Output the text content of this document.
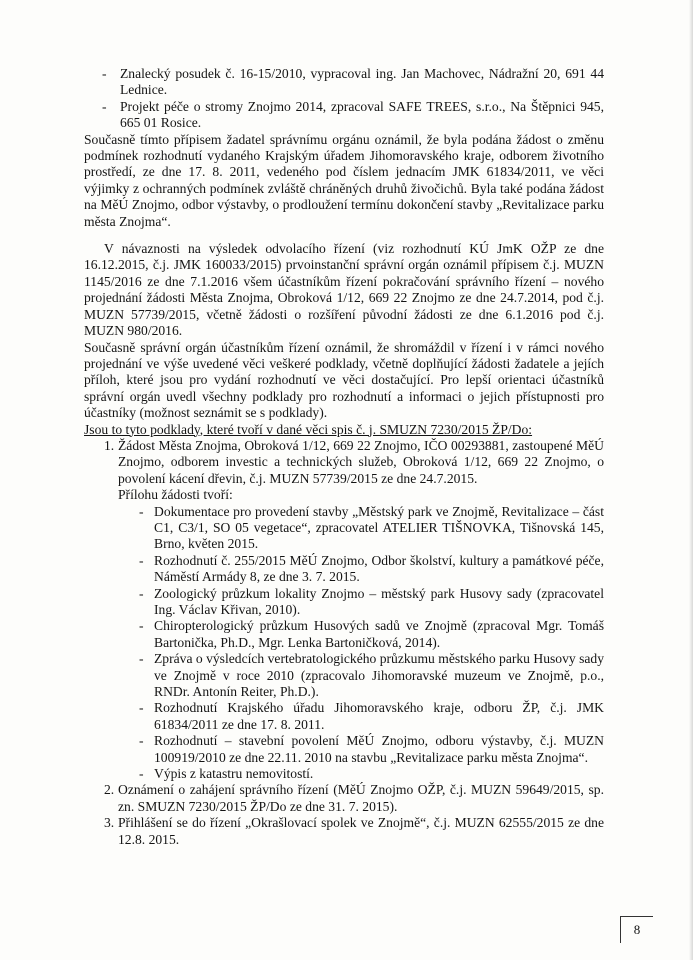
- Znalecký posudek č. 16-15/2010, vypracoval ing. Jan Machovec, Nádražní 20, 691 44 Lednice.

- Projekt péče o stromy Znojmo 2014, zpracoval SAFE TREES, s.r.o., Na Štěpnici 945, 665 01 Rosice.

Současně tímto přípisem žadatel správnímu orgánu oznámil, že byla podána žádost o změnu podmínek rozhodnutí vydaného Krajským úřadem Jihomoravského kraje, odborem životního prostředí, ze dne 17. 8. 2011, vedeného pod číslem jednacím JMK 61834/2011, ve věci výjimky z ochranných podmínek zvláště chráněných druhů živočichů. Byla také podána žádost na MěÚ Znojmo, odbor výstavby, o prodloužení termínu dokončení stavby „Revitalizace parku města Znojma“.

V návaznosti na výsledek odvolacího řízení (viz rozhodnutí KÚ JmK OŽP ze dne 16.12.2015, č.j. JMK 160033/2015) prvoinstanční správní orgán oznámil přípisem č.j. MUZN 1145/2016 ze dne 7.1.2016 všem účastníkům řízení pokračování správního řízení – nového projednání žádosti Města Znojma, Obroková 1/12, 669 22 Znojmo ze dne 24.7.2014, pod č.j. MUZN 57739/2015, včetně žádosti o rozšíření původní žádosti ze dne 6.1.2016 pod č.j. MUZN 980/2016.

Současně správní orgán účastníkům řízení oznámil, že shromáždil v řízení i v rámci nového projednání ve výše uvedené věci veškeré podklady, včetně doplňující žádosti žadatele a jejích příloh, které jsou pro vydání rozhodnutí ve věci dostačující. Pro lepší orientaci účastníků správní orgán uvedl všechny podklady pro rozhodnutí a informaci o jejich přístupnosti pro účastníky (možnost seznámit se s podklady).

Jsou to tyto podklady, které tvoří v dané věci spis č. j. SMUZN 7230/2015 ŽP/Do:

1. Žádost Města Znojma, Obroková 1/12, 669 22 Znojmo, IČO 00293881, zastoupené MěÚ Znojmo, odborem investic a technických služeb, Obroková 1/12, 669 22 Znojmo, o povolení kácení dřevin, č.j. MUZN 57739/2015 ze dne 24.7.2015.

Přílohu žádosti tvoří:

- Dokumentace pro provedení stavby „Městský park ve Znojmě, Revitalizace – část C1, C3/1, SO 05 vegetace“, zpracovatel ATELIER TIŠNOVKA, Tišnovská 145, Brno, květen 2015.

- Rozhodnutí č. 255/2015 MěÚ Znojmo, Odbor školství, kultury a památkové péče, Náměstí Armády 8, ze dne 3. 7. 2015.

- Zoologický průzkum lokality Znojmo – městský park Husovy sady (zpracovatel Ing. Václav Křivan, 2010).

- Chiropterologický průzkum Husových sadů ve Znojmě (zpracoval Mgr. Tomáš Bartonička, Ph.D., Mgr. Lenka Bartoničková, 2014).

- Zpráva o výsledcích vertebratologického průzkumu městského parku Husovy sady ve Znojmě v roce 2010 (zpracovalo Jihomoravské muzeum ve Znojmě, p.o., RNDr. Antonín Reiter, Ph.D.).

- Rozhodnutí Krajského úřadu Jihomoravského kraje, odboru ŽP, č.j. JMK 61834/2011 ze dne 17. 8. 2011.

- Rozhodnutí – stavební povolení MěÚ Znojmo, odboru výstavby, č.j. MUZN 100919/2010 ze dne 22.11. 2010 na stavbu „Revitalizace parku města Znojma“.

- Výpis z katastru nemovitostí.

2. Oznámení o zahájení správního řízení (MěÚ Znojmo OŽP, č.j. MUZN 59649/2015, sp. zn. SMUZN 7230/2015 ŽP/Do ze dne 31. 7. 2015).

3. Přihlášení se do řízení „Okrašlovací spolek ve Znojmě“, č.j. MUZN 62555/2015 ze dne 12.8. 2015.

8
